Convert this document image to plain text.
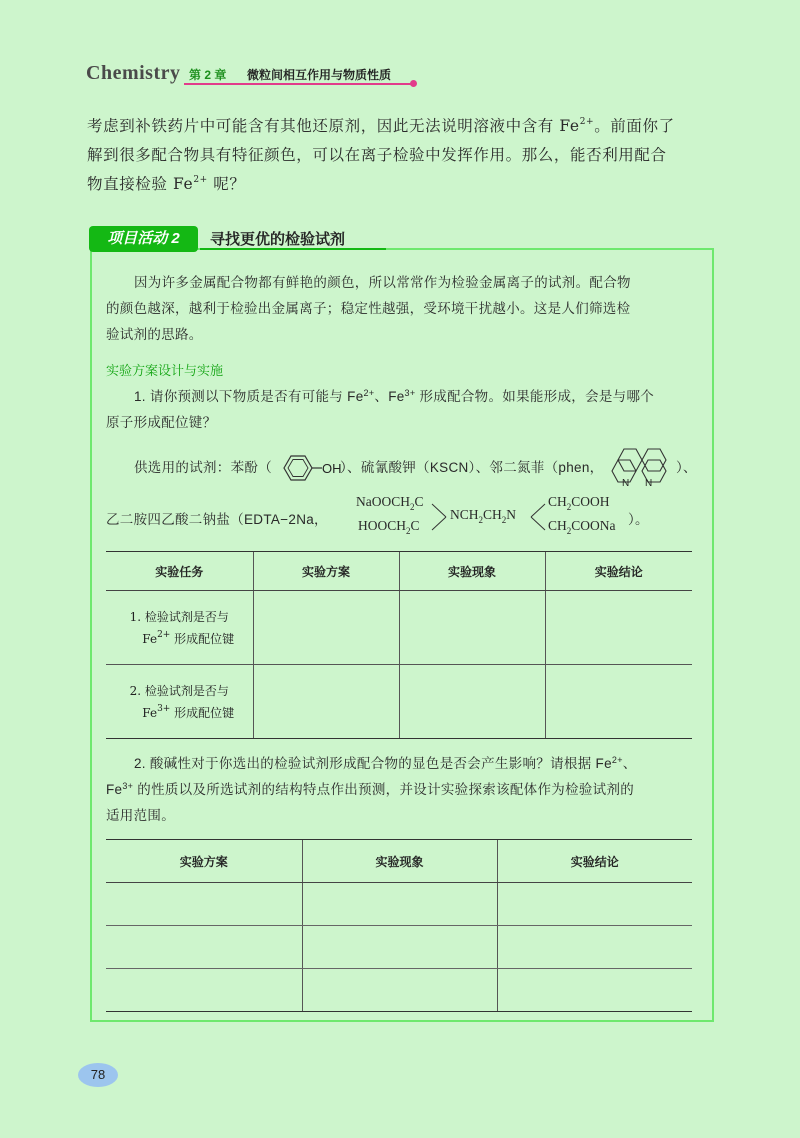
Chemistry 第 2 章 微粒间相互作用与物质性质
考虑到补铁药片中可能含有其他还原剂，因此无法说明溶液中含有 $Fe^{2+}$。前面你了
解到很多配合物具有特征颜色，可以在离子检验中发挥作用。那么，能否利用配合
物直接检验 $Fe^{2+}$ 呢？
项目活动 2	寻找更优的检验试剂
因为许多金属配合物都有鲜艳的颜色，所以常常作为检验金属离子的试剂。配合物
的颜色越深，越利于检验出金属离子；稳定性越强，受环境干扰越小。这是人们筛选检
验试剂的思路。
实验方案设计与实施
1. 请你预测以下物质是否有可能与 $Fe^{2+}$、$Fe^{3+}$ 形成配合物。如果能形成，会是与哪个
原子形成配位键？
供选用的试剂：苯酚（	OH
）、硫氰酸钾（KSCN）、邻二氮菲（phen，
N N
）、
乙二胺四乙酸二钠盐（EDTA−2Na，
NaOOCH$_2$C
$HOOCH_2C$
$NCH_2CH_2N$
$CH_2COOH$
$CH_2COONa$ ）。
实验任务	实验方案	实验现象	实验结论

1. 检验试剂是否与
$Fe^{2+}$ 形成配位键			

2. 检验试剂是否与
$Fe^{3+}$ 形成配位键			

2. 酸碱性对于你选出的检验试剂形成配合物的显色是否会产生影响？请根据 $Fe^{2+}$、
$Fe^{3+}$ 的性质以及所选试剂的结构特点作出预测，并设计实验探索该配体作为检验试剂的
适用范围。
实验方案	实验现象	实验结论

78
